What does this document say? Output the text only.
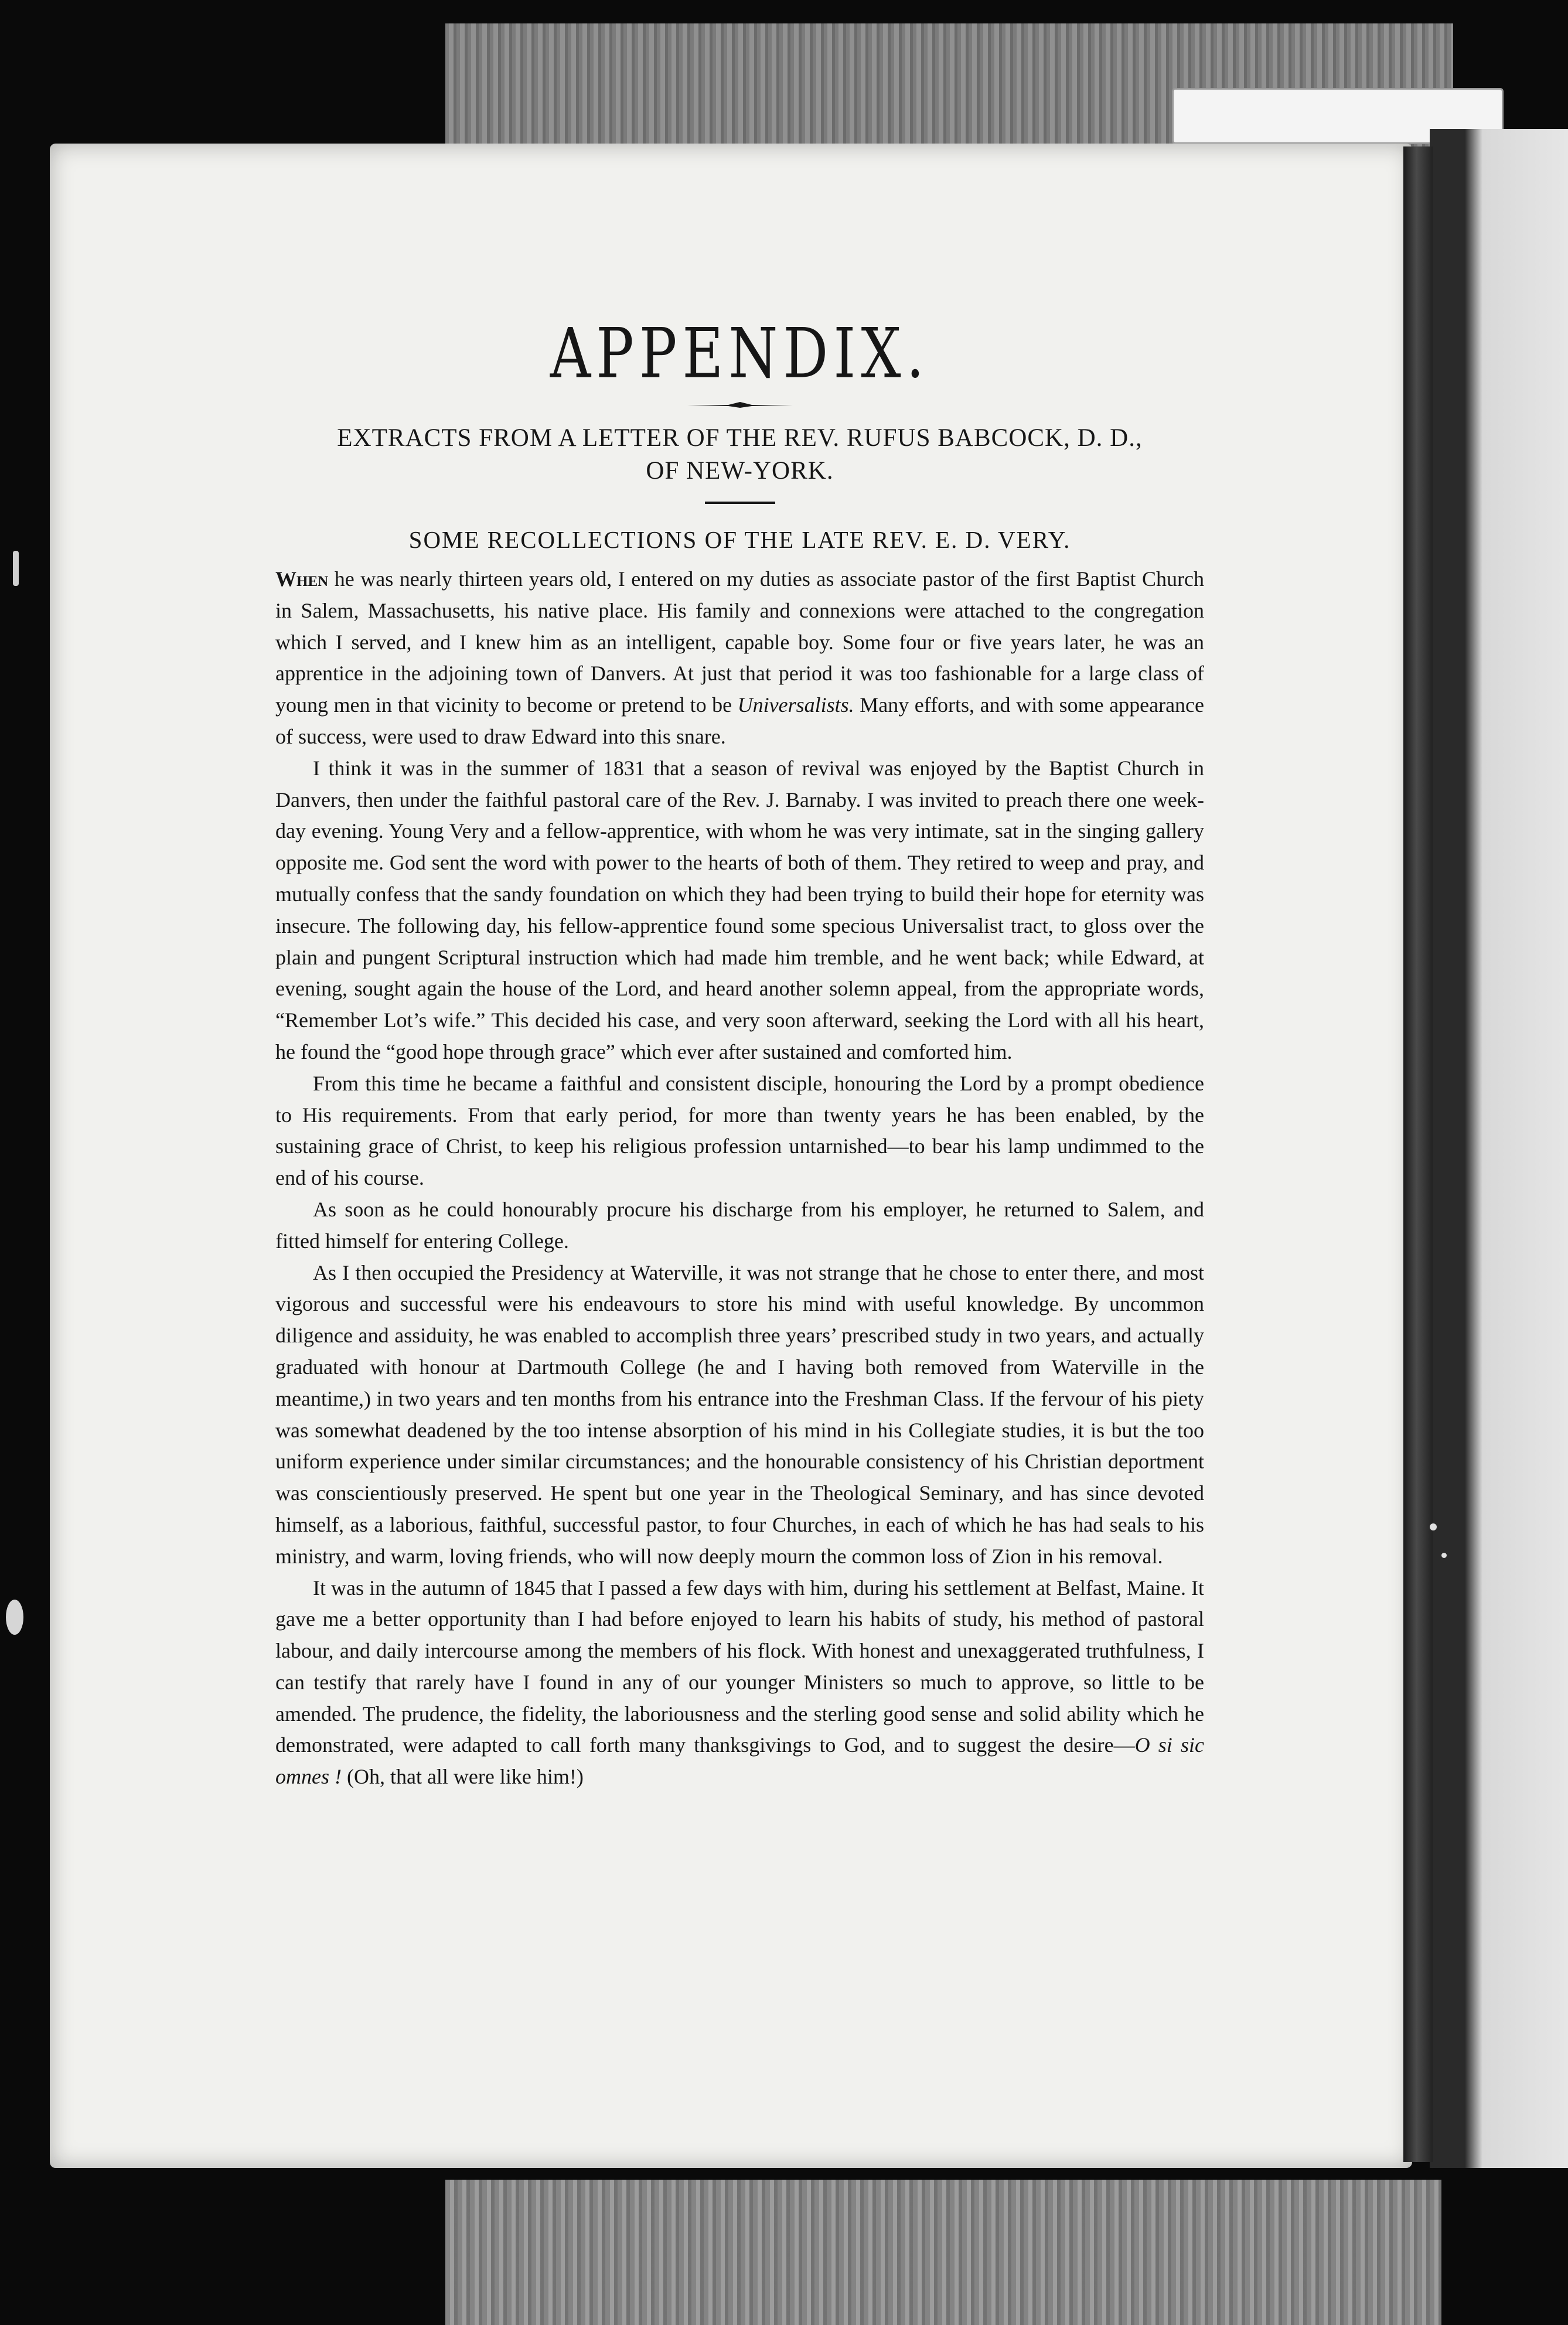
APPENDIX.
EXTRACTS FROM A LETTER OF THE REV. RUFUS BABCOCK, D. D.,
OF NEW-YORK.
SOME RECOLLECTIONS OF THE LATE REV. E. D. VERY.

When he was nearly thirteen years old, I entered on my duties as associate pastor of the first Baptist Church in Salem, Massachusetts, his native place. His family and connexions were attached to the congregation which I served, and I knew him as an intelligent, capable boy. Some four or five years later, he was an apprentice in the adjoining town of Danvers. At just that period it was too fashionable for a large class of young men in that vicinity to become or pretend to be Universalists. Many efforts, and with some appearance of success, were used to draw Edward into this snare.

I think it was in the summer of 1831 that a season of revival was enjoyed by the Baptist Church in Danvers, then under the faithful pastoral care of the Rev. J. Barnaby. I was invited to preach there one week-day evening. Young Very and a fellow-apprentice, with whom he was very intimate, sat in the singing gallery opposite me. God sent the word with power to the hearts of both of them. They retired to weep and pray, and mutually confess that the sandy foundation on which they had been trying to build their hope for eternity was insecure. The following day, his fellow-apprentice found some specious Universalist tract, to gloss over the plain and pungent Scriptural instruction which had made him tremble, and he went back; while Edward, at evening, sought again the house of the Lord, and heard another solemn appeal, from the appropriate words, “Remember Lot’s wife.” This decided his case, and very soon afterward, seeking the Lord with all his heart, he found the “good hope through grace” which ever after sustained and comforted him.

From this time he became a faithful and consistent disciple, honouring the Lord by a prompt obedience to His requirements. From that early period, for more than twenty years he has been enabled, by the sustaining grace of Christ, to keep his religious profession untarnished—to bear his lamp undimmed to the end of his course.

As soon as he could honourably procure his discharge from his employer, he returned to Salem, and fitted himself for entering College.

As I then occupied the Presidency at Waterville, it was not strange that he chose to enter there, and most vigorous and successful were his endeavours to store his mind with useful knowledge. By uncommon diligence and assiduity, he was enabled to accomplish three years’ prescribed study in two years, and actually graduated with honour at Dartmouth College (he and I having both removed from Waterville in the meantime,) in two years and ten months from his entrance into the Freshman Class. If the fervour of his piety was somewhat deadened by the too intense absorption of his mind in his Collegiate studies, it is but the too uniform experience under similar circumstances; and the honourable consistency of his Christian deportment was conscientiously preserved. He spent but one year in the Theological Seminary, and has since devoted himself, as a laborious, faithful, successful pastor, to four Churches, in each of which he has had seals to his ministry, and warm, loving friends, who will now deeply mourn the common loss of Zion in his removal.

It was in the autumn of 1845 that I passed a few days with him, during his settlement at Belfast, Maine. It gave me a better opportunity than I had before enjoyed to learn his habits of study, his method of pastoral labour, and daily intercourse among the members of his flock. With honest and unexaggerated truthfulness, I can testify that rarely have I found in any of our younger Ministers so much to approve, so little to be amended. The prudence, the fidelity, the laboriousness and the sterling good sense and solid ability which he demonstrated, were adapted to call forth many thanksgivings to God, and to suggest the desire—O si sic omnes ! (Oh, that all were like him!)
